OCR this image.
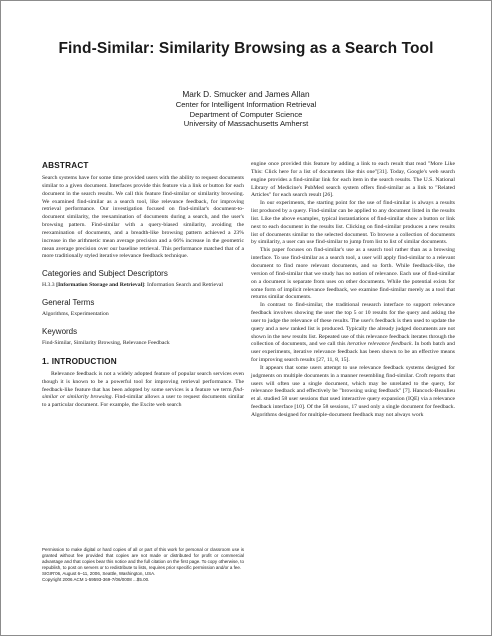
Find-Similar: Similarity Browsing as a Search Tool
Mark D. Smucker and James Allan
Center for Intelligent Information Retrieval
Department of Computer Science
University of Massachusetts Amherst
ABSTRACT

Search systems have for some time provided users with the ability to request documents similar to a given document. Interfaces provide this feature via a link or button for each document in the search results. We call this feature find-similar or similarity browsing. We examined find-similar as a search tool, like relevance feedback, for improving retrieval performance. Our investigation focused on find-similar's document-to-document similarity, the reexamination of documents during a search, and the user's browsing pattern. Find-similar with a query-biased similarity, avoiding the reexamination of documents, and a breadth-like browsing pattern achieved a 23% increase in the arithmetic mean average precision and a 66% increase in the geometric mean average precision over our baseline retrieval. This performance matched that of a more traditionally styled iterative relevance feedback technique.

Categories and Subject Descriptors

H.3.3 [Information Storage and Retrieval]: Information Search and Retrieval

General Terms

Algorithms, Experimentation

Keywords

Find-Similar, Similarity Browsing, Relevance Feedback

1. INTRODUCTION

Relevance feedback is not a widely adopted feature of popular search services even though it is known to be a powerful tool for improving retrieval performance. The feedback-like feature that has been adopted by some services is a feature we term find-similar or similarity browsing. Find-similar allows a user to request documents similar to a particular document. For example, the Excite web search

Permission to make digital or hard copies of all or part of this work for personal or classroom use is granted without fee provided that copies are not made or distributed for profit or commercial advantage and that copies bear this notice and the full citation on the first page. To copy otherwise, to republish, to post on servers or to redistribute to lists, requires prior specific permission and/or a fee.

SIGIR'06, August 6–11, 2006, Seattle, Washington, USA.

Copyright 2006 ACM 1-59593-369-7/06/0008 ...$5.00.

engine once provided this feature by adding a link to each result that read "More Like This: Click here for a list of documents like this one"[31]. Today, Google's web search engine provides a find-similar link for each item in the search results. The U.S. National Library of Medicine's PubMed search system offers find-similar as a link to "Related Articles" for each search result [26].

In our experiments, the starting point for the use of find-similar is always a results list produced by a query. Find-similar can be applied to any document listed in the results list. Like the above examples, typical instantiations of find-similar show a button or link next to each document in the results list. Clicking on find-similar produces a new results list of documents similar to the selected document. To browse a collection of documents by similarity, a user can use find-similar to jump from list to list of similar documents.

This paper focuses on find-similar's use as a search tool rather than as a browsing interface. To use find-similar as a search tool, a user will apply find-similar to a relevant document to find more relevant documents, and so forth. While feedback-like, the version of find-similar that we study has no notion of relevance. Each use of find-similar on a document is separate from uses on other documents. While the potential exists for some form of implicit relevance feedback, we examine find-similar merely as a tool that returns similar documents.

In contrast to find-similar, the traditional research interface to support relevance feedback involves showing the user the top 5 or 10 results for the query and asking the user to judge the relevance of these results. The user's feedback is then used to update the query and a new ranked list is produced. Typically the already judged documents are not shown in the new results list. Repeated use of this relevance feedback iterates through the collection of documents, and we call this iterative relevance feedback. In both batch and user experiments, iterative relevance feedback has been shown to be an effective means for improving search results [27, 11, 8, 15].

It appears that some users attempt to use relevance feedback systems designed for judgments on multiple documents in a manner resembling find-similar. Croft reports that users will often use a single document, which may be unrelated to the query, for relevance feedback and effectively be "browsing using feedback" [7]. Hancock-Beaulieu et al. studied 58 user sessions that used interactive query expansion (IQE) via a relevance feedback interface [10]. Of the 58 sessions, 17 used only a single document for feedback. Algorithms designed for multiple-document feedback may not always work
